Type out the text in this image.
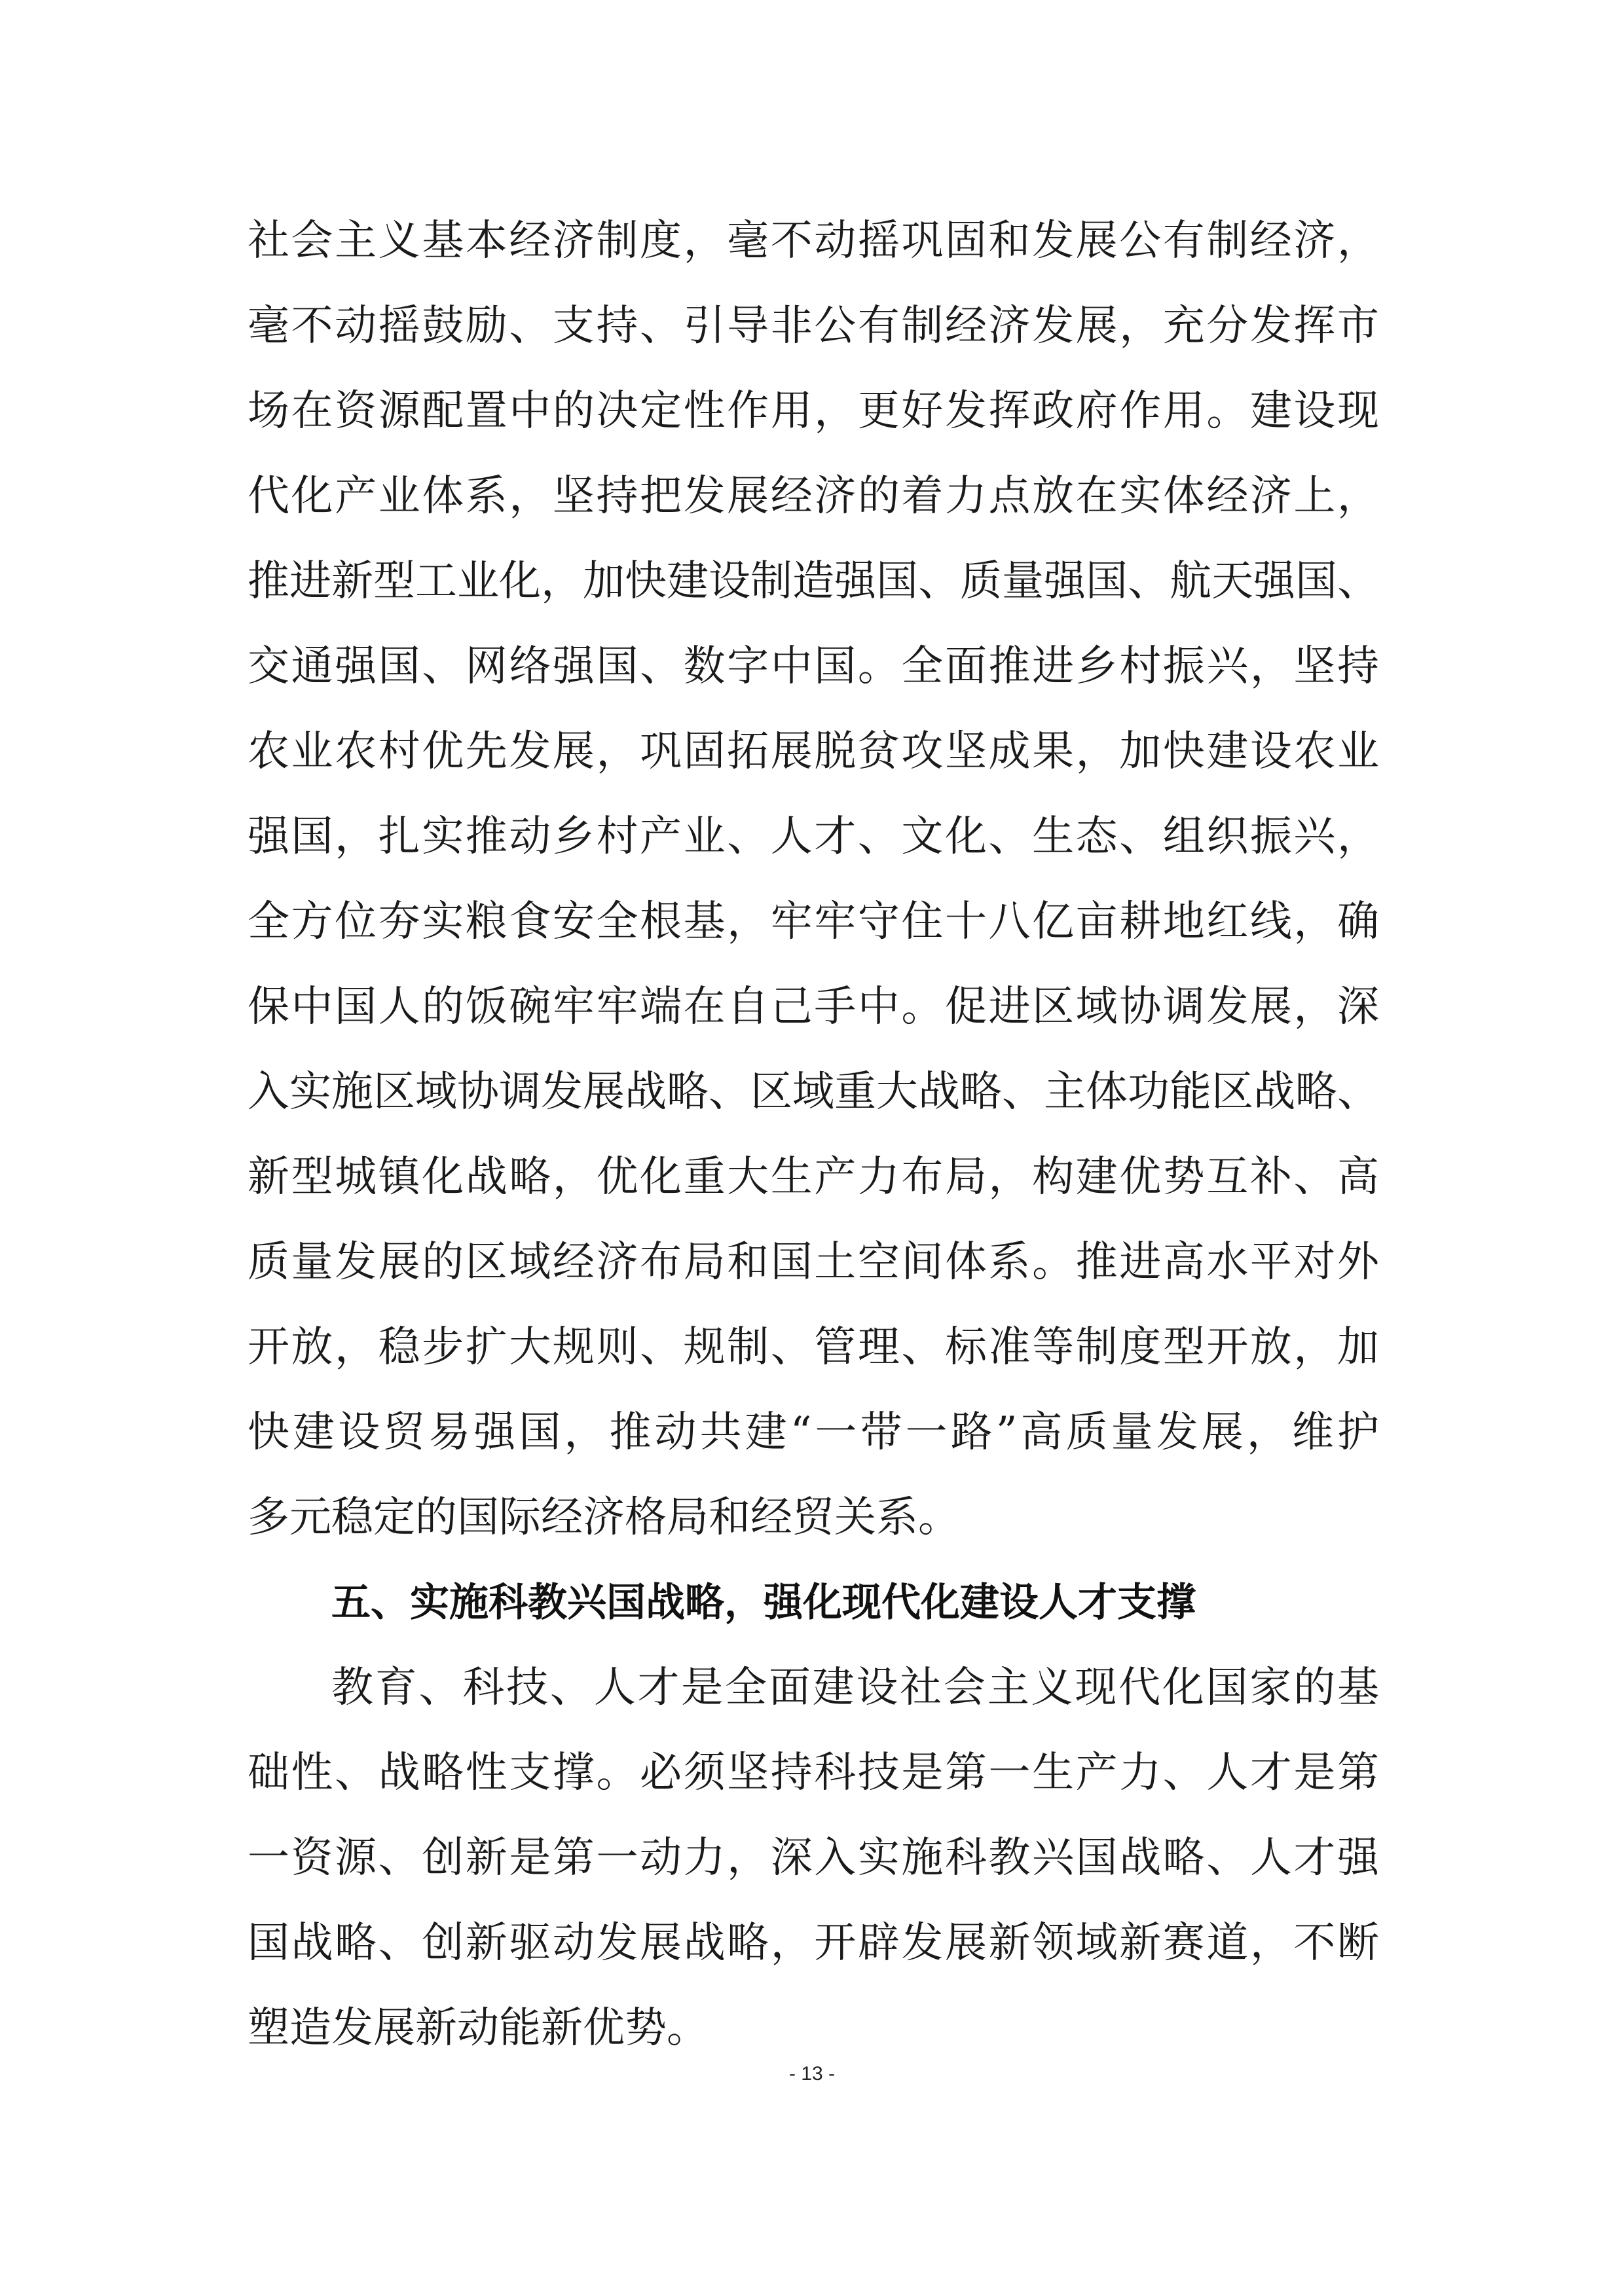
社会主义基本经济制度，毫不动摇巩固和发展公有制经济，
毫不动摇鼓励、支持、引导非公有制经济发展，充分发挥市
场在资源配置中的决定性作用，更好发挥政府作用。建设现
代化产业体系，坚持把发展经济的着力点放在实体经济上，
推进新型工业化，加快建设制造强国、质量强国、航天强国、
交通强国、网络强国、数字中国。全面推进乡村振兴，坚持
农业农村优先发展，巩固拓展脱贫攻坚成果，加快建设农业
强国，扎实推动乡村产业、人才、文化、生态、组织振兴，
全方位夯实粮食安全根基，牢牢守住十八亿亩耕地红线，确
保中国人的饭碗牢牢端在自己手中。促进区域协调发展，深
入实施区域协调发展战略、区域重大战略、主体功能区战略、
新型城镇化战略，优化重大生产力布局，构建优势互补、高
质量发展的区域经济布局和国土空间体系。推进高水平对外
开放，稳步扩大规则、规制、管理、标准等制度型开放，加
快建设贸易强国，推动共建“一带一路”高质量发展，维护
多元稳定的国际经济格局和经贸关系。
五、实施科教兴国战略，强化现代化建设人才支撑
教育、科技、人才是全面建设社会主义现代化国家的基
础性、战略性支撑。必须坚持科技是第一生产力、人才是第
一资源、创新是第一动力，深入实施科教兴国战略、人才强
国战略、创新驱动发展战略，开辟发展新领域新赛道，不断
塑造发展新动能新优势。
- 13 -
